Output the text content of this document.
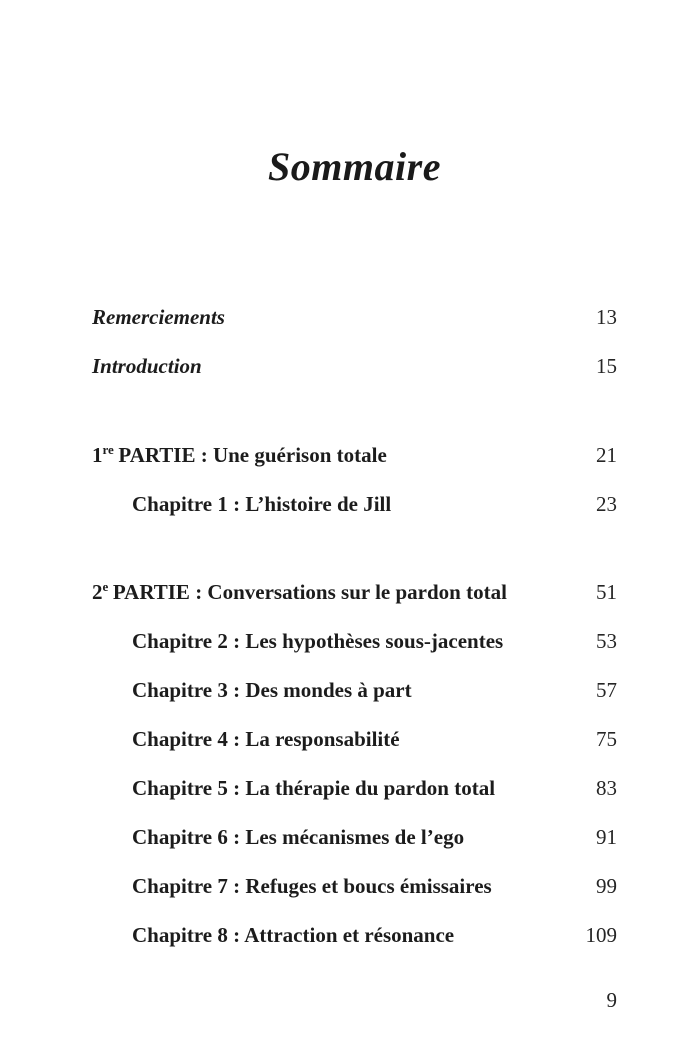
Sommaire
Remerciements	13
Introduction	15
1re PARTIE : Une guérison totale	21
Chapitre 1 : L’histoire de Jill	23
2e PARTIE : Conversations sur le pardon total	51
Chapitre 2 : Les hypothèses sous-jacentes	53
Chapitre 3 : Des mondes à part	57
Chapitre 4 : La responsabilité	75
Chapitre 5 : La thérapie du pardon total	83
Chapitre 6 : Les mécanismes de l’ego	91
Chapitre 7 : Refuges et boucs émissaires	99
Chapitre 8 : Attraction et résonance	109
9
